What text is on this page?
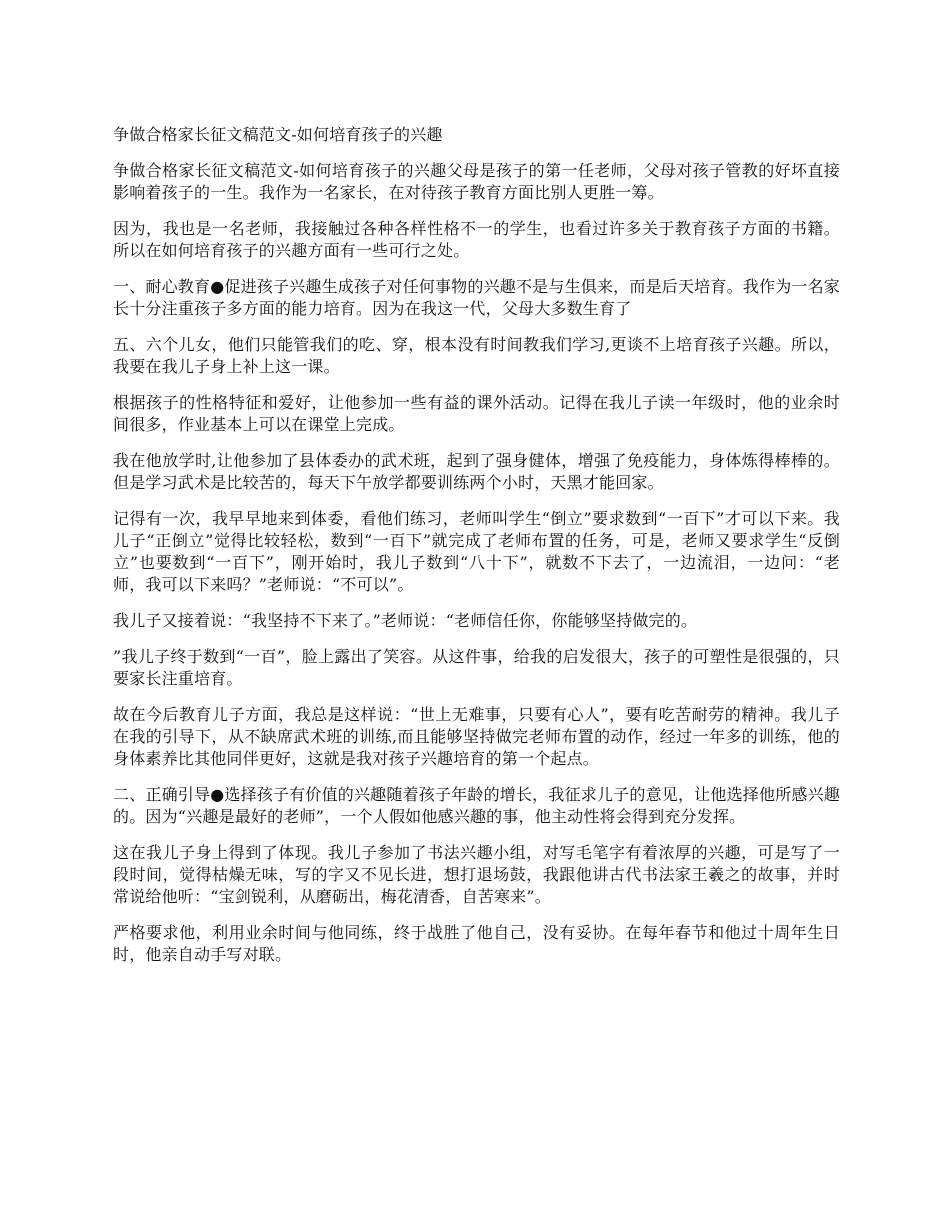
争做合格家长征文稿范文-如何培育孩子的兴趣

争做合格家长征文稿范文-如何培育孩子的兴趣父母是孩子的第一任老师，父母对孩子管教的好坏直接影响着孩子的一生。我作为一名家长，在对待孩子教育方面比别人更胜一筹。

因为，我也是一名老师，我接触过各种各样性格不一的学生，也看过许多关于教育孩子方面的书籍。所以在如何培育孩子的兴趣方面有一些可行之处。

一、耐心教育●促进孩子兴趣生成孩子对任何事物的兴趣不是与生俱来，而是后天培育。我作为一名家长十分注重孩子多方面的能力培育。因为在我这一代，父母大多数生育了

五、六个儿女，他们只能管我们的吃、穿，根本没有时间教我们学习,更谈不上培育孩子兴趣。所以，我要在我儿子身上补上这一课。

根据孩子的性格特征和爱好，让他参加一些有益的课外活动。记得在我儿子读一年级时，他的业余时间很多，作业基本上可以在课堂上完成。

我在他放学时,让他参加了县体委办的武术班，起到了强身健体，增强了免疫能力，身体炼得棒棒的。但是学习武术是比较苦的，每天下午放学都要训练两个小时，天黑才能回家。

记得有一次，我早早地来到体委，看他们练习，老师叫学生“倒立”要求数到“一百下”才可以下来。我儿子“正倒立”觉得比较轻松，数到“一百下”就完成了老师布置的任务，可是，老师又要求学生“反倒立”也要数到“一百下”，刚开始时，我儿子数到“八十下”，就数不下去了，一边流泪，一边问：“老师，我可以下来吗？”老师说：“不可以”。

我儿子又接着说：“我坚持不下来了。”老师说：“老师信任你，你能够坚持做完的。

”我儿子终于数到“一百”，脸上露出了笑容。从这件事，给我的启发很大，孩子的可塑性是很强的，只要家长注重培育。

故在今后教育儿子方面，我总是这样说：“世上无难事，只要有心人”，要有吃苦耐劳的精神。我儿子在我的引导下，从不缺席武术班的训练,而且能够坚持做完老师布置的动作，经过一年多的训练，他的身体素养比其他同伴更好，这就是我对孩子兴趣培育的第一个起点。

二、正确引导●选择孩子有价值的兴趣随着孩子年龄的增长，我征求儿子的意见，让他选择他所感兴趣的。因为“兴趣是最好的老师”，一个人假如他感兴趣的事，他主动性将会得到充分发挥。

这在我儿子身上得到了体现。我儿子参加了书法兴趣小组，对写毛笔字有着浓厚的兴趣，可是写了一段时间，觉得枯燥无味，写的字又不见长进，想打退场鼓，我跟他讲古代书法家王羲之的故事，并时常说给他听：“宝剑锐利，从磨砺出，梅花清香，自苦寒来”。

严格要求他，利用业余时间与他同练，终于战胜了他自己，没有妥协。在每年春节和他过十周年生日时，他亲自动手写对联。
